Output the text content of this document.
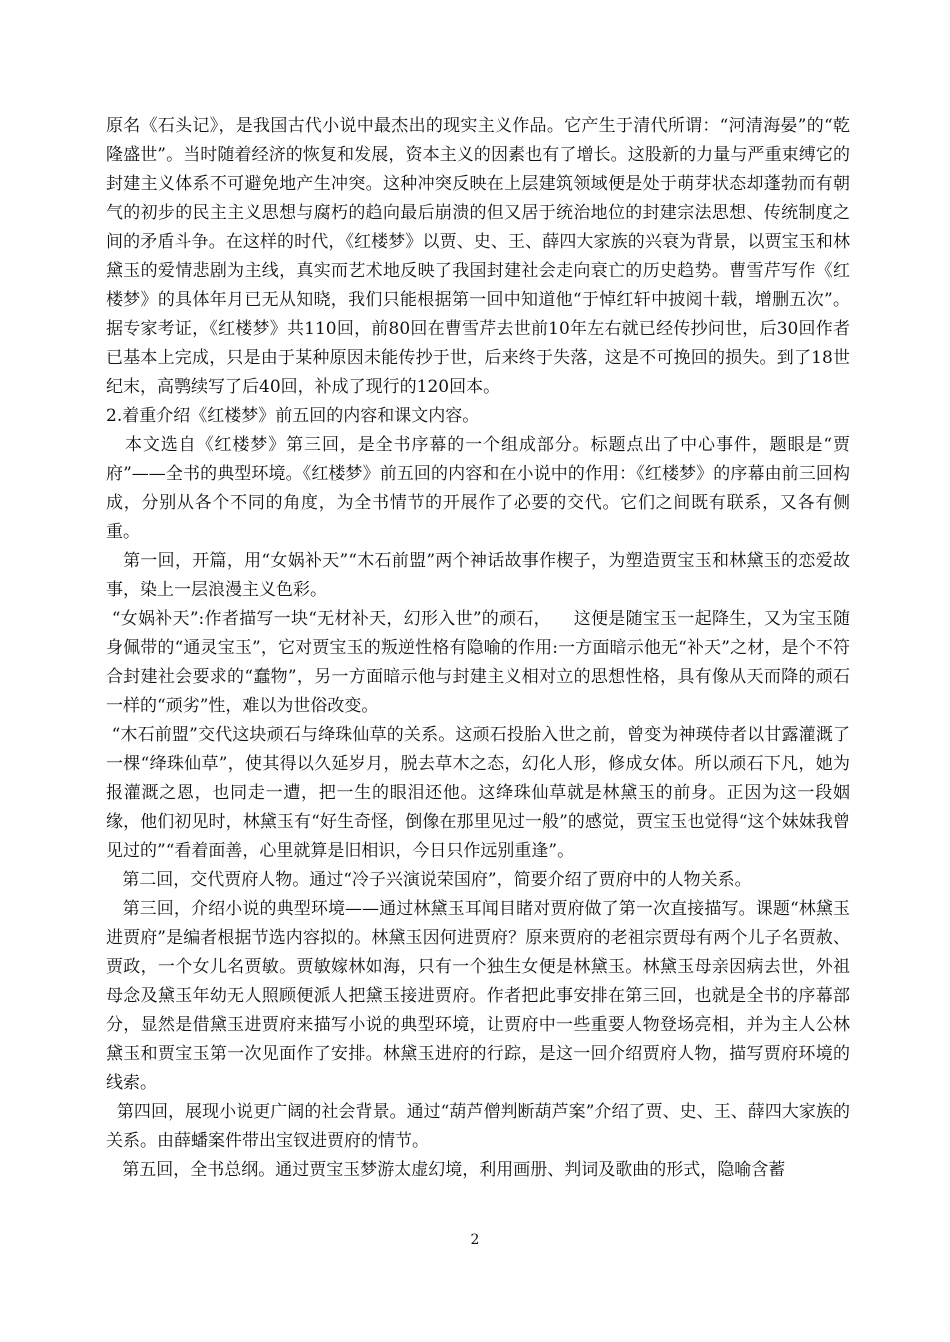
原名《石头记》，是我国古代小说中最杰出的现实主义作品。它产生于清代所谓：“河清海晏”的“乾隆盛世”。当时随着经济的恢复和发展，资本主义的因素也有了增长。这股新的力量与严重束缚它的封建主义体系不可避免地产生冲突。这种冲突反映在上层建筑领域便是处于萌芽状态却蓬勃而有朝气的初步的民主主义思想与腐朽的趋向最后崩溃的但又居于统治地位的封建宗法思想、传统制度之间的矛盾斗争。在这样的时代，《红楼梦》以贾、史、王、薛四大家族的兴衰为背景，以贾宝玉和林黛玉的爱情悲剧为主线，真实而艺术地反映了我国封建社会走向衰亡的历史趋势。曹雪芹写作《红楼梦》的具体年月已无从知晓，我们只能根据第一回中知道他“于悼红轩中披阅十载，增删五次”。据专家考证，《红楼梦》共110回，前80回在曹雪芹去世前10年左右就已经传抄问世，后30回作者已基本上完成，只是由于某种原因未能传抄于世，后来终于失落，这是不可挽回的损失。到了18世纪末，高鹗续写了后40回，补成了现行的120回本。

2.着重介绍《红楼梦》前五回的内容和课文内容。

本文选自《红楼梦》第三回，是全书序幕的一个组成部分。标题点出了中心事件，题眼是“贾府”——全书的典型环境。《红楼梦》前五回的内容和在小说中的作用：《红楼梦》的序幕由前三回构成，分别从各个不同的角度，为全书情节的开展作了必要的交代。它们之间既有联系，又各有侧重。

第一回，开篇，用“女娲补天”“木石前盟”两个神话故事作楔子，为塑造贾宝玉和林黛玉的恋爱故事，染上一层浪漫主义色彩。

“女娲补天”:作者描写一块“无材补天，幻形入世”的顽石，    这便是随宝玉一起降生，又为宝玉随身佩带的“通灵宝玉”，它对贾宝玉的叛逆性格有隐喻的作用:一方面暗示他无“补天”之材，是个不符合封建社会要求的“蠢物”，另一方面暗示他与封建主义相对立的思想性格，具有像从天而降的顽石一样的“顽劣”性，难以为世俗改变。

“木石前盟”交代这块顽石与绛珠仙草的关系。这顽石投胎入世之前，曾变为神瑛侍者以甘露灌溉了一棵“绛珠仙草”，使其得以久延岁月，脱去草木之态，幻化人形，修成女体。所以顽石下凡，她为报灌溉之恩，也同走一遭，把一生的眼泪还他。这绛珠仙草就是林黛玉的前身。正因为这一段姻缘，他们初见时，林黛玉有“好生奇怪，倒像在那里见过一般”的感觉，贾宝玉也觉得“这个妹妹我曾见过的”“看着面善，心里就算是旧相识，今日只作远别重逢”。

第二回，交代贾府人物。通过“冷子兴演说荣国府”，简要介绍了贾府中的人物关系。

第三回，介绍小说的典型环境——通过林黛玉耳闻目睹对贾府做了第一次直接描写。课题“林黛玉进贾府”是编者根据节选内容拟的。林黛玉因何进贾府？原来贾府的老祖宗贾母有两个儿子名贾赦、贾政，一个女儿名贾敏。贾敏嫁林如海，只有一个独生女便是林黛玉。林黛玉母亲因病去世，外祖母念及黛玉年幼无人照顾便派人把黛玉接进贾府。作者把此事安排在第三回，也就是全书的序幕部分，显然是借黛玉进贾府来描写小说的典型环境，让贾府中一些重要人物登场亮相，并为主人公林黛玉和贾宝玉第一次见面作了安排。林黛玉进府的行踪，是这一回介绍贾府人物，描写贾府环境的线索。

第四回，展现小说更广阔的社会背景。通过“葫芦僧判断葫芦案”介绍了贾、史、王、薛四大家族的关系。由薛蟠案件带出宝钗进贾府的情节。

第五回，全书总纲。通过贾宝玉梦游太虚幻境，利用画册、判词及歌曲的形式，隐喻含蓄

2
